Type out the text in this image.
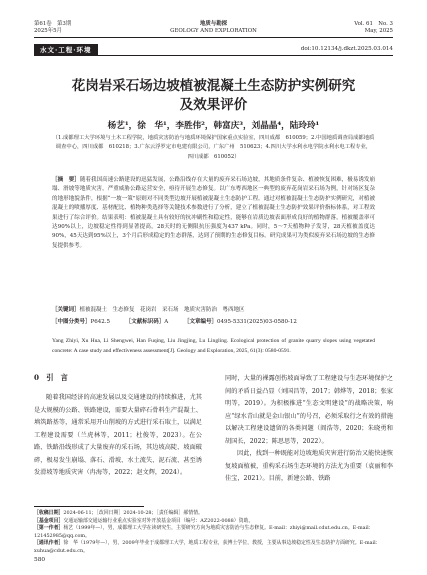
第61卷　第3期
2025年5月
地质与勘探
GEOLOGY AND EXPLORATION
Vol. 61　No. 3
May, 2025
水文·工程·环境	doi:10.12134/j.dkzt.2025.03.014
花岗岩采石场边坡植被混凝土生态防护实例研究
及效果评价
杨艺¹，徐　华¹，李胜伟²，韩富庆³，刘晶晶⁴，陆玲玲¹
（1.成都理工大学环境与土木工程学院，地质灾害防治与地质环境保护国家重点实验室，四川成都　610059；2.中国地质调查局成都地质
调查中心，四川成都　610218；3.广东云浮罗定市电建有限公司，广东广州　510623；4.四川大学水利水电学院水利水电工程专业，
四川成都　610052）
［摘　要］随着我国高速公路建设的迅猛发展，公路沿线存在大量的废弃采石场边坡，其地质条件复杂、植被恢复困难，极易诱发崩塌、滑坡等地质灾害，严重威胁公路运营安全，亟待开展生态修复。以广东粤西地区一典型的废弃花岗岩采石场为例，针对场区复杂的地形地貌条件，根据“一坡一策”原则对不同类型边坡开展植被混凝土生态防护工程。通过对植被混凝土生态防护实例研究，对植被混凝土的喷播厚度、基材配比、植物种类选择等关键技术参数进行了分析，建立了植被混凝土生态防护效果评价指标体系，对工程效果进行了综合评价。结果表明：植被混凝土具有较好的抗冲刷性和稳定性，能够在岩质边坡表面形成良好的植物群落，植被覆盖率可达90%以上，边坡稳定性得到显著提高，28天时的无侧限抗压强度为437 kPa。同时，5～7天植物种子发芽，28天植被盖度达90%，45天达到95%以上，3个月后形成稳定的生态群落，达到了预期的生态修复目标。研究成果可为类似废弃采石场边坡的生态修复提供参考。
［关键词］植被混凝土　生态修复　花岗岩　采石场　地质灾害防治　粤西地区
［中图分类号］P642.5	［文献标识码］A	［文章编号］0495-5331(2025)03-0580-12
Yang Zhiyi, Xu Hua, Li Shengwei, Han Fuqing, Liu Jingjing, Lu Lingling. Ecological protection of granite quarry slopes using vegetated concrete: A case study and effectiveness assessment[J]. Geology and Exploration, 2025, 61(3): 0580-0591.
0　引　言
随着我国经济的高速发展以及交通建设的持续推进，尤其是大规模的公路、铁路建设，需要大量碎石骨料生产混凝土、填筑路基等，通常采用开山削坡的方式进行采石取土，以满足工程建设需要（兰虎林等，2011；杜俊等，2023）。在公路、铁路沿线形成了大量废弃的采石场，其边坡高陡、坡面破碎，极易发生崩塌、落石、滑坡、水土流失、泥石流、甚至诱发滑坡等地质灾害（冉海等，2022；赵文辉，2024）。
同时，大量的裸露创伤坡面导致了工程建设与生态环境保护之间的矛盾日益凸显（刘国昌等，2017；韩烨等，2018；张家明等，2019）。为积极推进“生态文明建设”的战略决策，响应“绿水青山就是金山银山”的号召，必须采取行之有效的措施以解决工程建设遗留的各类问题（阎浩等，2020；朱晓勇和胡国长，2022；陈思思等，2022）。
因此，找到一种既能对边坡地质灾害进行防治又能快速恢复坡面植被，重构采石场生态环境的方法尤为重要（袁丽和李佳宝，2021）。目前，新建公路、铁路
［收稿日期］2024-06-11；［改回日期］2024-10-28；［责任编辑］郝情情。
［基金项目］交通运输部交通运输行业重点实验室对外开放基金项目（编号：AZ2022-0088）资助。
［第一作者］杨艺（1999年—），男，成都理工大学在读研究生，主要研究方向为地质灾害防治与生态修复。E-mail：zhiyi@mail.cdut.edu.cn。E-mail：121452985@qq.com。
［通讯作者］徐　华（1979年—），男，2009年毕业于成都理工大学，地质工程专业，获博士学位，教授，主要从事边坡稳定性及生态防护方面研究。E-mail：xuhua@cdut.edu.cn。
580
